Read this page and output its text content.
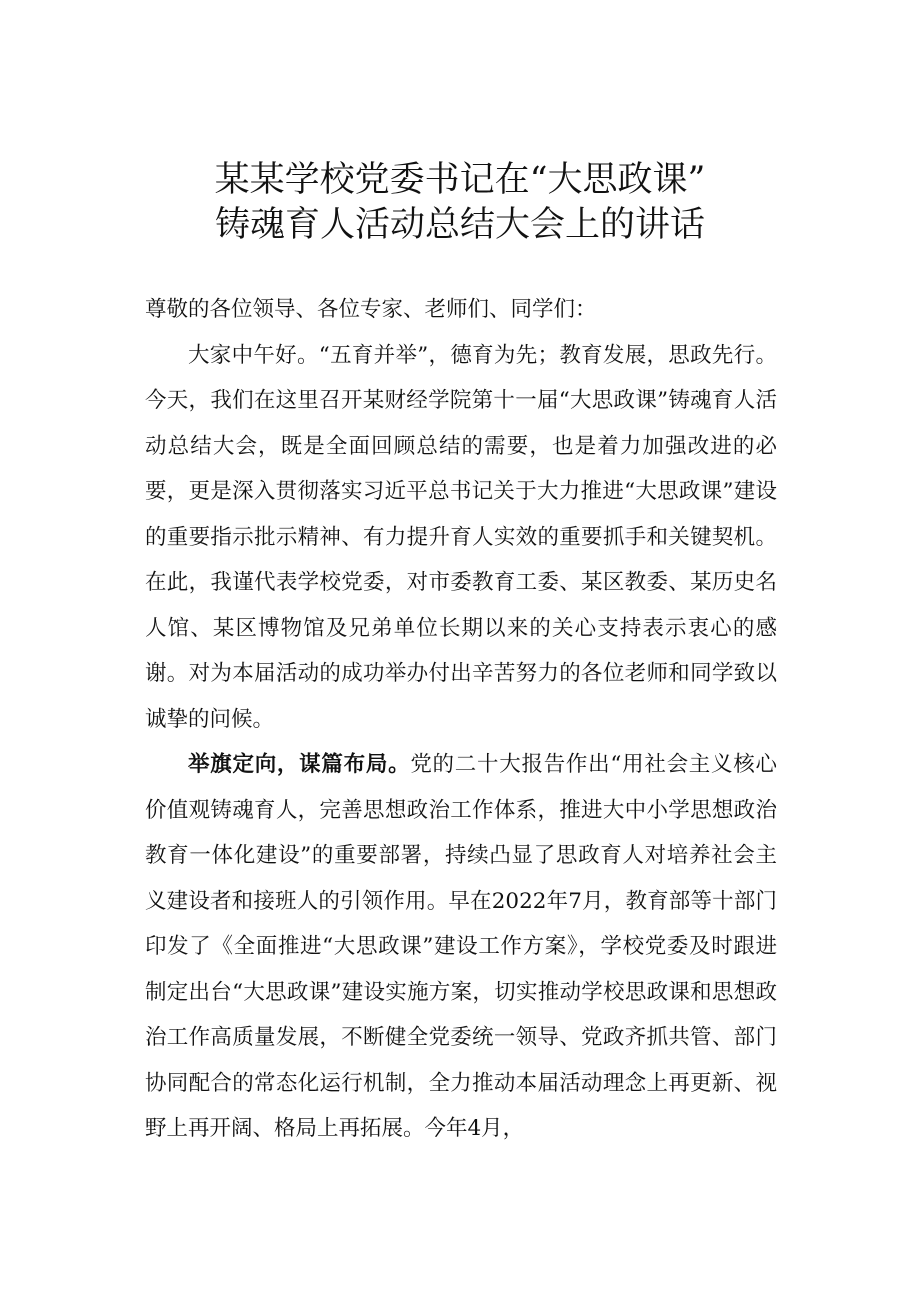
某某学校党委书记在“大思政课”
铸魂育人活动总结大会上的讲话

尊敬的各位领导、各位专家、老师们、同学们：

大家中午好。“五育并举”，德育为先；教育发展，思政先行。今天，我们在这里召开某财经学院第十一届“大思政课”铸魂育人活动总结大会，既是全面回顾总结的需要，也是着力加强改进的必要，更是深入贯彻落实习近平总书记关于大力推进“大思政课”建设的重要指示批示精神、有力提升育人实效的重要抓手和关键契机。在此，我谨代表学校党委，对市委教育工委、某区教委、某历史名人馆、某区博物馆及兄弟单位长期以来的关心支持表示衷心的感谢。对为本届活动的成功举办付出辛苦努力的各位老师和同学致以诚挚的问候。

举旗定向，谋篇布局。党的二十大报告作出“用社会主义核心价值观铸魂育人，完善思想政治工作体系，推进大中小学思想政治教育一体化建设”的重要部署，持续凸显了思政育人对培养社会主义建设者和接班人的引领作用。早在2022年7月，教育部等十部门印发了《全面推进“大思政课”建设工作方案》，学校党委及时跟进制定出台“大思政课”建设实施方案，切实推动学校思政课和思想政治工作高质量发展，不断健全党委统一领导、党政齐抓共管、部门协同配合的常态化运行机制，全力推动本届活动理念上再更新、视野上再开阔、格局上再拓展。今年4月，
